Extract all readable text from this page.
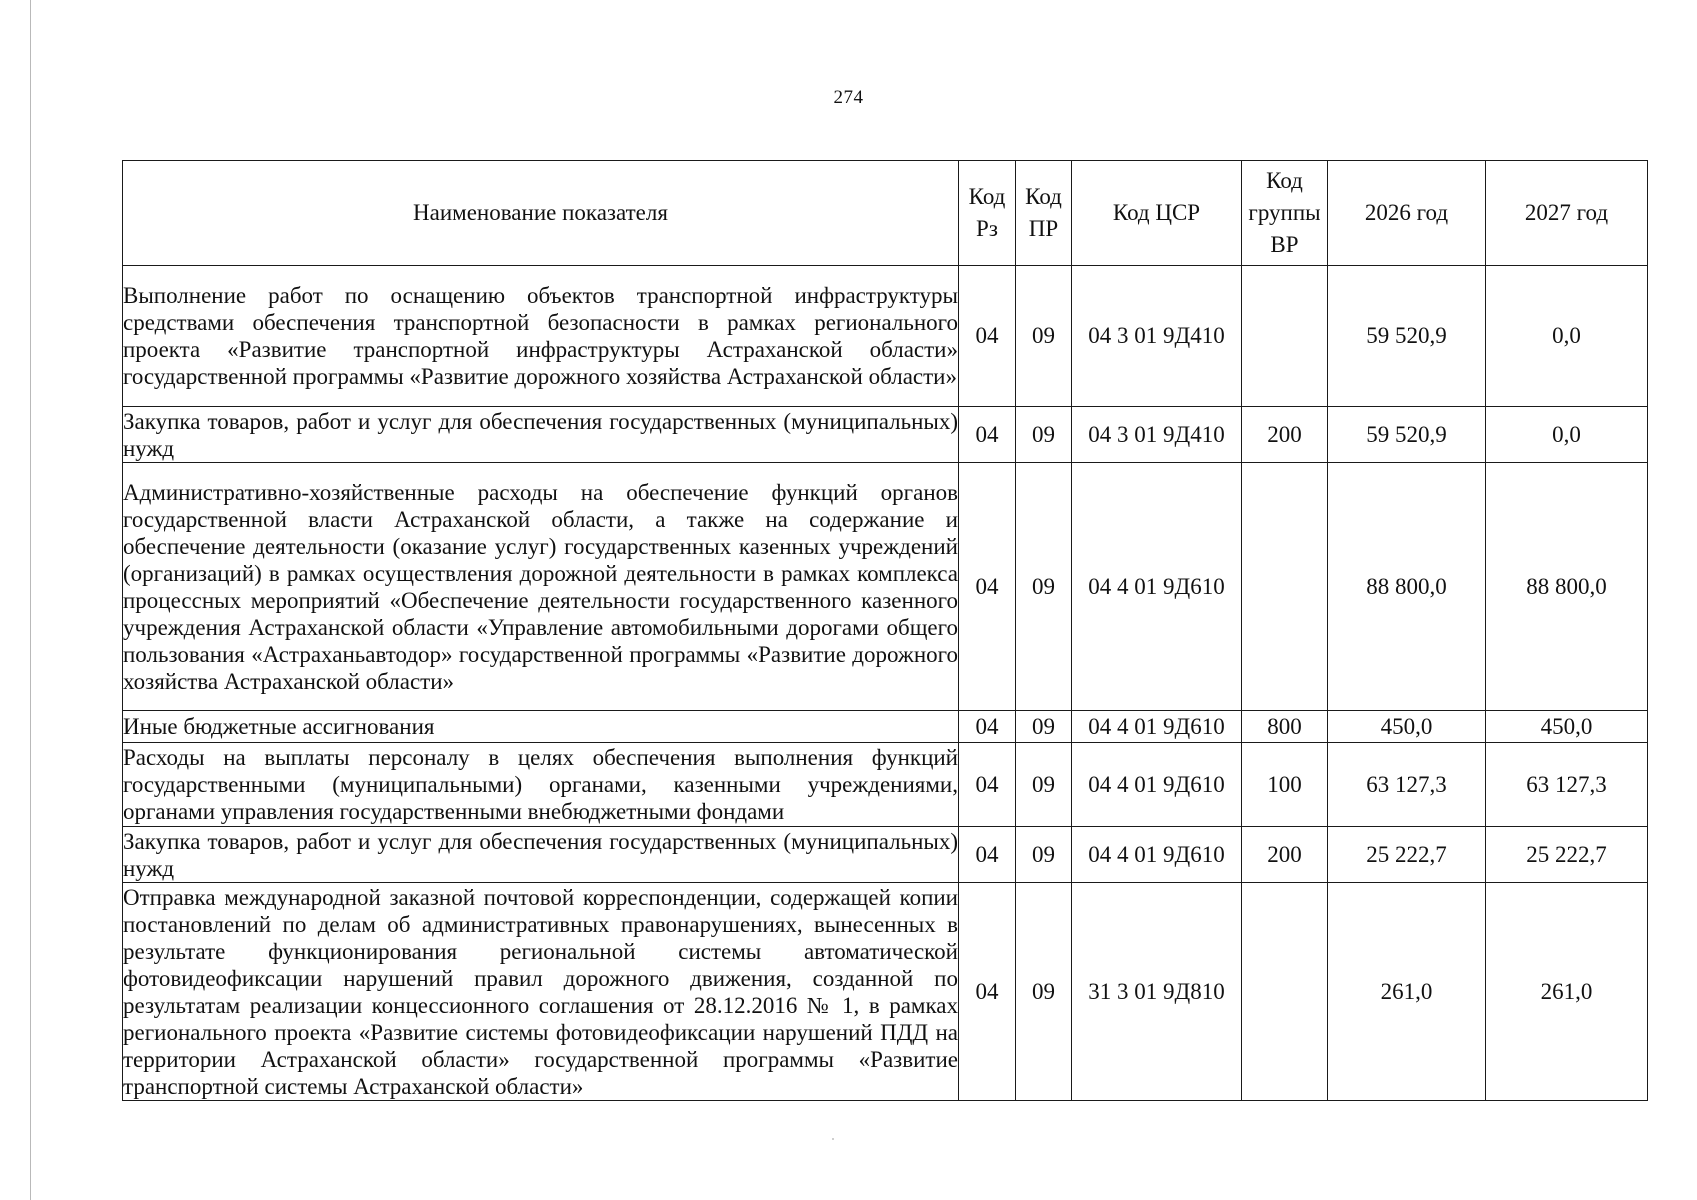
274
Наименование показателя	Код Рз	Код ПР	Код ЦСР	Код группы ВР	2026 год	2027 год
Выполнение работ по оснащению объектов транспортной инфраструктуры средствами обеспечения транспортной безопасности в рамках регионального проекта «Развитие транспортной инфраструктуры Астраханской области» государственной программы «Развитие дорожного хозяйства Астраханской области»	04	09	04 3 01 9Д410		59 520,9	0,0
Закупка товаров, работ и услуг для обеспечения государственных (муниципальных) нужд	04	09	04 3 01 9Д410	200	59 520,9	0,0
Административно-хозяйственные расходы на обеспечение функций органов государственной власти Астраханской области, а также на содержание и обеспечение деятельности (оказание услуг) государственных казенных учреждений (организаций) в рамках осуществления дорожной деятельности в рамках комплекса процессных мероприятий «Обеспечение деятельности государственного казенного учреждения Астраханской области «Управление автомобильными дорогами общего пользования «Астраханьавтодор» государственной программы «Развитие дорожного хозяйства Астраханской области»	04	09	04 4 01 9Д610		88 800,0	88 800,0
Иные бюджетные ассигнования	04	09	04 4 01 9Д610	800	450,0	450,0
Расходы на выплаты персоналу в целях обеспечения выполнения функций государственными (муниципальными) органами, казенными учреждениями, органами управления государственными внебюджетными фондами	04	09	04 4 01 9Д610	100	63 127,3	63 127,3
Закупка товаров, работ и услуг для обеспечения государственных (муниципальных) нужд	04	09	04 4 01 9Д610	200	25 222,7	25 222,7
Отправка международной заказной почтовой корреспонденции, содержащей копии постановлений по делам об административных правонарушениях, вынесенных в результате функционирования региональной системы автоматической фотовидеофиксации нарушений правил дорожного движения, созданной по результатам реализации концессионного соглашения от 28.12.2016 № 1, в рамках регионального проекта «Развитие системы фотовидеофиксации нарушений ПДД на территории Астраханской области» государственной программы «Развитие транспортной системы Астраханской области»	04	09	31 3 01 9Д810		261,0	261,0
